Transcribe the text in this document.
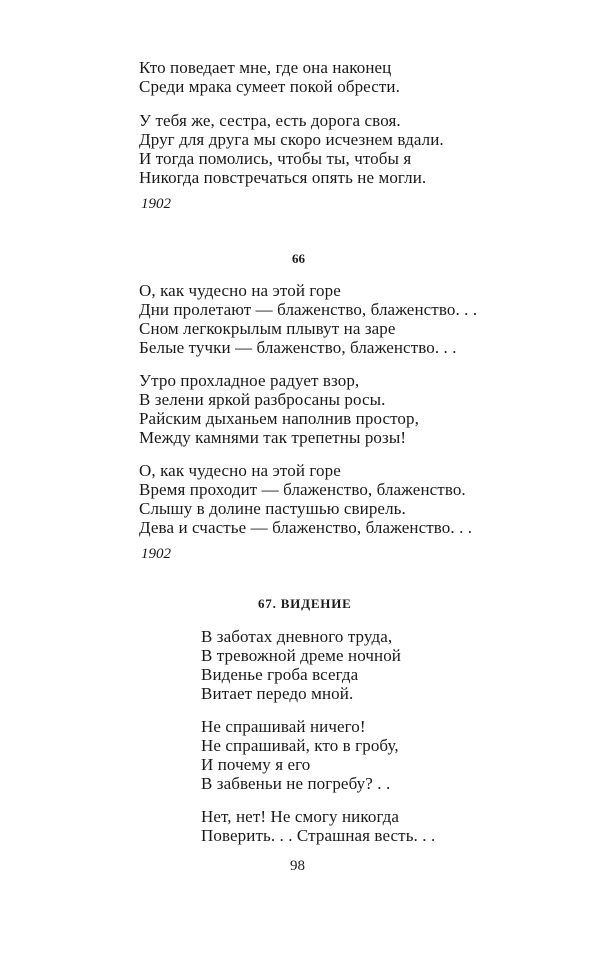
Кто поведает мне, где она наконец
Среди мрака сумеет покой обрести.
У тебя же, сестра, есть дорога своя.
Друг для друга мы скоро исчезнем вдали.
И тогда помолись, чтобы ты, чтобы я
Никогда повстречаться опять не могли.
1902
66
О, как чудесно на этой горе
Дни пролетают — блаженство, блаженство. . .
Сном легкокрылым плывут на заре
Белые тучки — блаженство, блаженство. . .
Утро прохладное радует взор,
В зелени яркой разбросаны росы.
Райским дыханьем наполнив простор,
Между камнями так трепетны розы!
О, как чудесно на этой горе
Время проходит — блаженство, блаженство.
Слышу в долине пастушью свирель.
Дева и счастье — блаженство, блаженство. . .
1902
67. ВИДЕНИЕ
В заботах дневного труда,
В тревожной дреме ночной
Виденье гроба всегда
Витает передо мной.
Не спрашивай ничего!
Не спрашивай, кто в гробу,
И почему я его
В забвеньи не погребу? . .
Нет, нет! Не смогу никогда
Поверить. . . Страшная весть. . .
98
